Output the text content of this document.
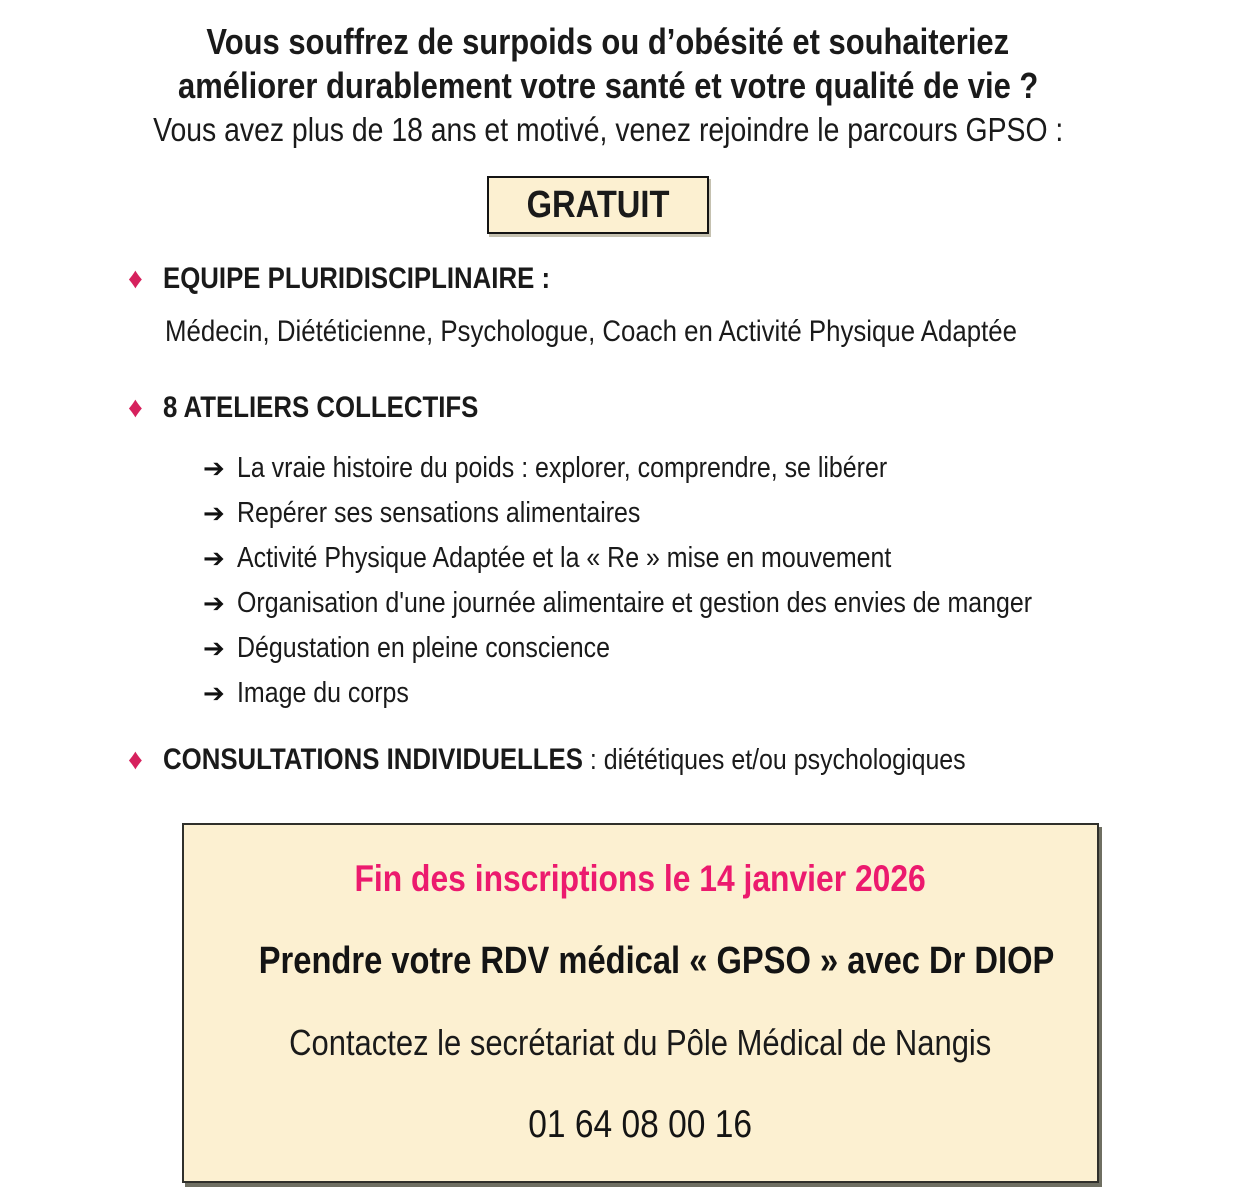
Vous souffrez de surpoids ou d’obésité et souhaiteriez
améliorer durablement votre santé et votre qualité de vie ?
Vous avez plus de 18 ans et motivé, venez rejoindre le parcours GPSO :
GRATUIT
♦ EQUIPE PLURIDISCIPLINAIRE :
Médecin, Diététicienne, Psychologue, Coach en Activité Physique Adaptée
♦ 8 ATELIERS COLLECTIFS
➔ La vraie histoire du poids : explorer, comprendre, se libérer
➔ Repérer ses sensations alimentaires
➔ Activité Physique Adaptée et la « Re » mise en mouvement
➔ Organisation d'une journée alimentaire et gestion des envies de manger
➔ Dégustation en pleine conscience
➔ Image du corps
♦ CONSULTATIONS INDIVIDUELLES : diététiques et/ou psychologiques
Fin des inscriptions le 14 janvier 2026
Prendre votre RDV médical « GPSO » avec Dr DIOP
Contactez le secrétariat du Pôle Médical de Nangis
01 64 08 00 16
